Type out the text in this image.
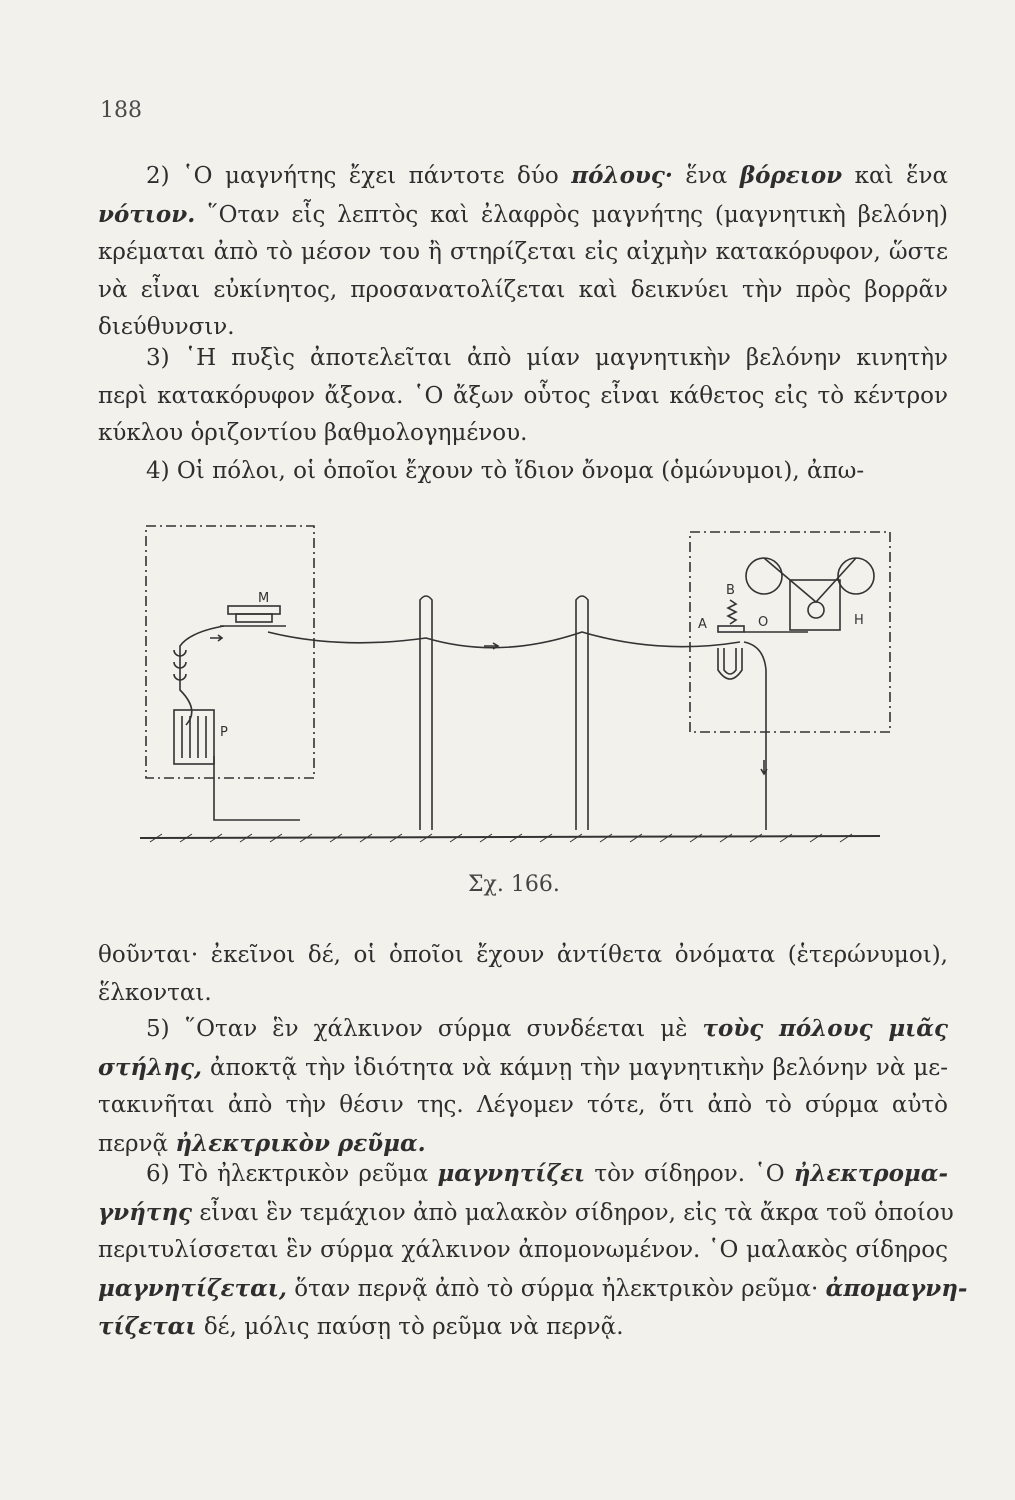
188
2) ῾Ο μαγνήτης ἔχει πάντοτε δύο πόλους· ἕνα βόρειον καὶ ἕνα
νότιον. ῞Οταν εἷς λεπτὸς καὶ ἐλαφρὸς μαγνήτης (μαγνητικὴ βελόνη)
κρέμαται ἀπὸ τὸ μέσον του ἢ στηρίζεται εἰς αἰχμὴν κατακόρυφον, ὥστε
νὰ εἶναι εὐκίνητος, προσανατολίζεται καὶ δεικνύει τὴν πρὸς βορρᾶν
διεύθυνσιν.
3) ῾Η πυξὶς ἀποτελεῖται ἀπὸ μίαν μαγνητικὴν βελόνην κινητὴν
περὶ κατακόρυφον ἄξονα. ῾Ο ἄξων οὗτος εἶναι κάθετος εἰς τὸ κέντρον
κύκλου ὁριζοντίου βαθμολογημένου.
4) Οἱ πόλοι, οἱ ὁποῖοι ἔχουν τὸ ἴδιον ὄνομα (ὁμώνυμοι), ἀπω-
M
P
B
A	O	H
Σχ. 166.
θοῦνται· ἐκεῖνοι δέ, οἱ ὁποῖοι ἔχουν ἀντίθετα ὀνόματα (ἑτερώνυμοι),
ἕλκονται.
5) ῞Οταν ἓν χάλκινον σύρμα συνδέεται μὲ τοὺς πόλους μιᾶς
στήλης, ἀποκτᾷ τὴν ἰδιότητα νὰ κάμνῃ τὴν μαγνητικὴν βελόνην νὰ με-
τακινῆται ἀπὸ τὴν θέσιν της. Λέγομεν τότε, ὅτι ἀπὸ τὸ σύρμα αὐτὸ
περνᾷ ἠλεκτρικὸν ρεῦμα.
6) Τὸ ἠλεκτρικὸν ρεῦμα μαγνητίζει τὸν σίδηρον. ῾Ο ἠλεκτρομα-
γνήτης εἶναι ἓν τεμάχιον ἀπὸ μαλακὸν σίδηρον, εἰς τὰ ἄκρα τοῦ ὁποίου
περιτυλίσσεται ἓν σύρμα χάλκινον ἀπομονωμένον. ῾Ο μαλακὸς σίδηρος
μαγνητίζεται, ὅταν περνᾷ ἀπὸ τὸ σύρμα ἠλεκτρικὸν ρεῦμα· ἀπομαγνη-
τίζεται δέ, μόλις παύσῃ τὸ ρεῦμα νὰ περνᾷ.
